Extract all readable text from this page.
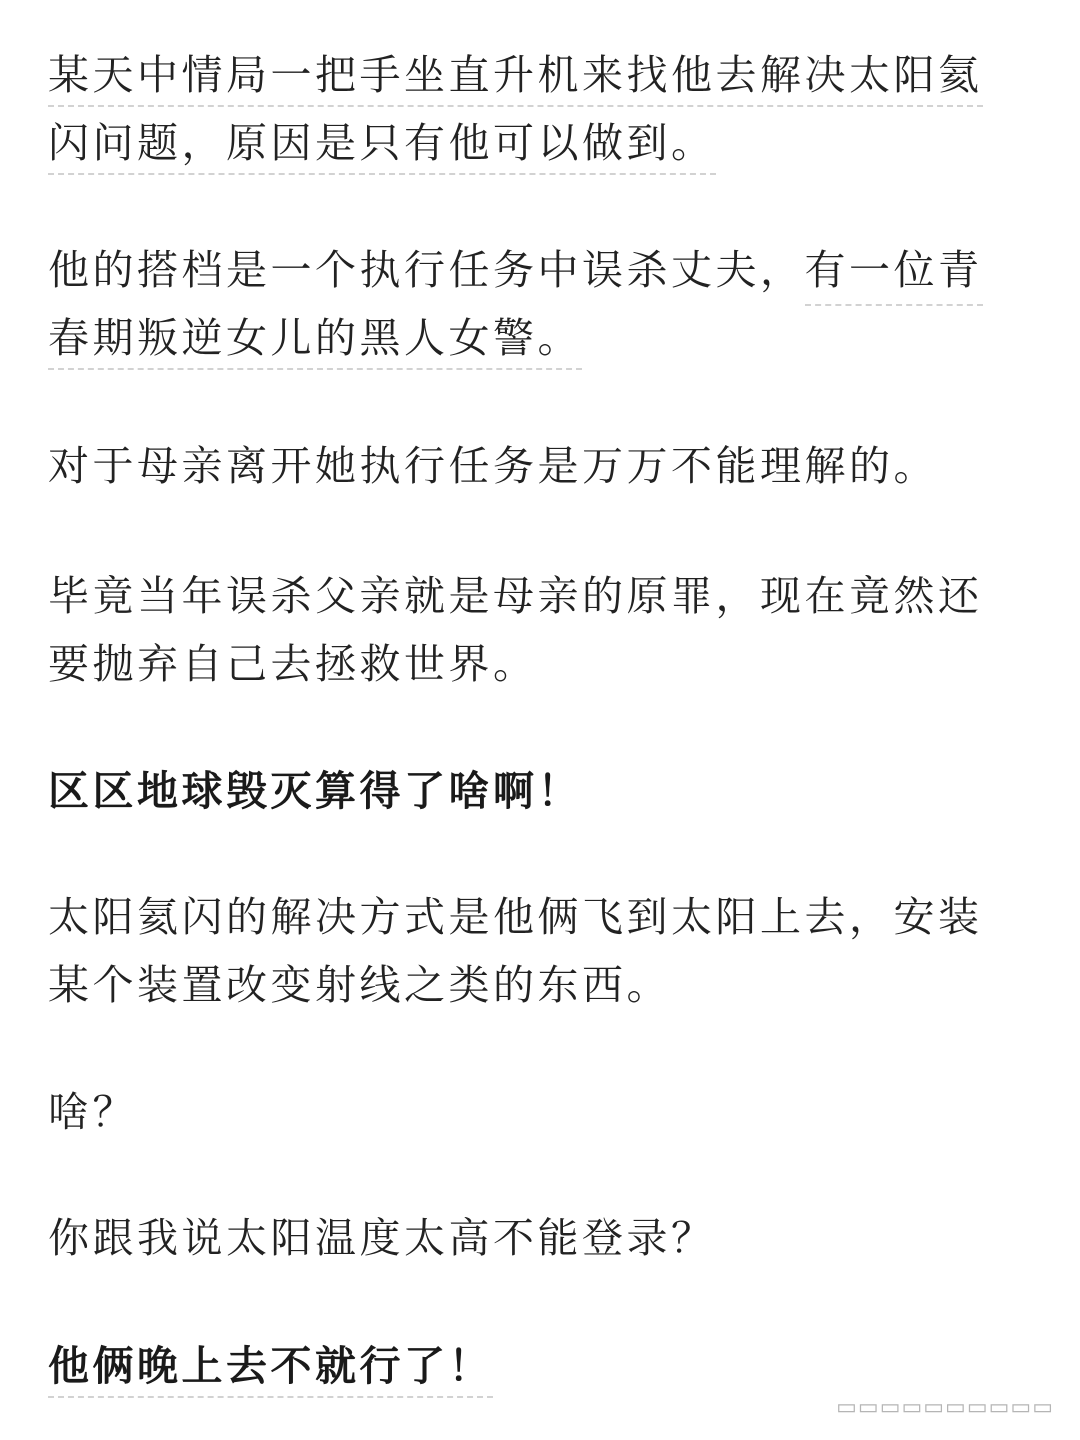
某天中情局一把手坐直升机来找他去解决太阳氦
闪问题，原因是只有他可以做到。
他的搭档是一个执行任务中误杀丈夫，有一位青
春期叛逆女儿的黑人女警。
对于母亲离开她执行任务是万万不能理解的。
毕竟当年误杀父亲就是母亲的原罪，现在竟然还
要抛弃自己去拯救世界。
区区地球毁灭算得了啥啊！
太阳氦闪的解决方式是他俩飞到太阳上去，安装
某个装置改变射线之类的东西。
啥？
你跟我说太阳温度太高不能登录？
他俩晚上去不就行了！
▭▭▭▭▭▭▭▭▭▭
